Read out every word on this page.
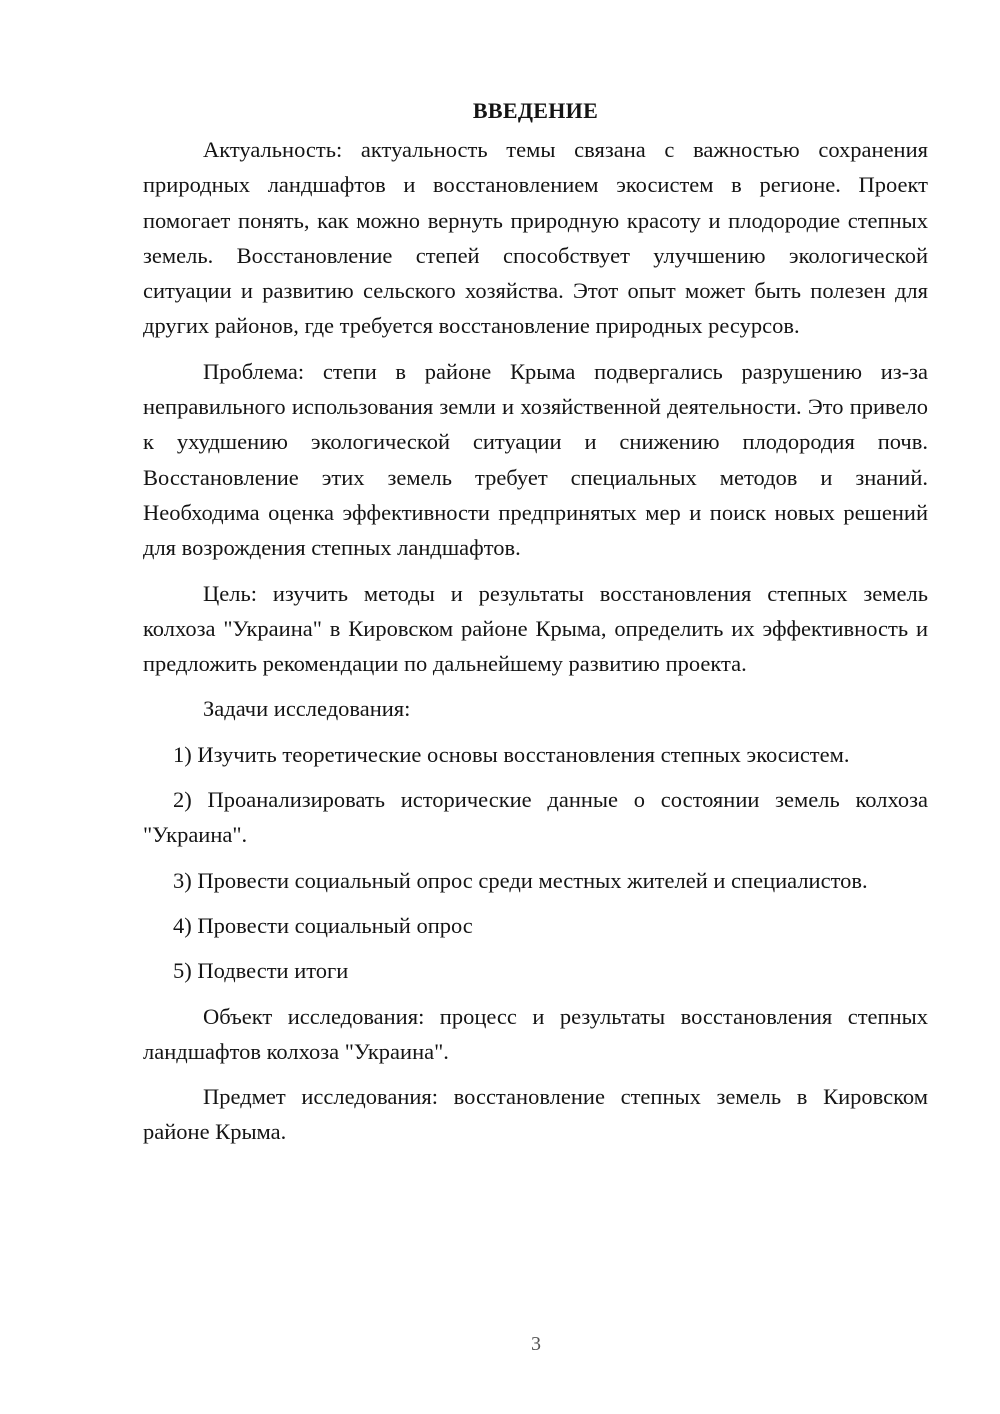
ВВЕДЕНИЕ

Актуальность: актуальность темы связана с важностью сохранения природных ландшафтов и восстановлением экосистем в регионе. Проект помогает понять, как можно вернуть природную красоту и плодородие степных земель. Восстановление степей способствует улучшению экологической ситуации и развитию сельского хозяйства. Этот опыт может быть полезен для других районов, где требуется восстановление природных ресурсов.

Проблема: степи в районе Крыма подвергались разрушению из-за неправильного использования земли и хозяйственной деятельности. Это привело к ухудшению экологической ситуации и снижению плодородия почв. Восстановление этих земель требует специальных методов и знаний. Необходима оценка эффективности предпринятых мер и поиск новых решений для возрождения степных ландшафтов.

Цель: изучить методы и результаты восстановления степных земель колхоза "Украина" в Кировском районе Крыма, определить их эффективность и предложить рекомендации по дальнейшему развитию проекта.

Задачи исследования:

1) Изучить теоретические основы восстановления степных экосистем.

2) Проанализировать исторические данные о состоянии земель колхоза "Украина".

3) Провести социальный опрос среди местных жителей и специалистов.

4) Провести социальный опрос

5) Подвести итоги

Объект исследования: процесс и результаты восстановления степных ландшафтов колхоза "Украина".

Предмет исследования: восстановление степных земель в Кировском районе Крыма.

3
